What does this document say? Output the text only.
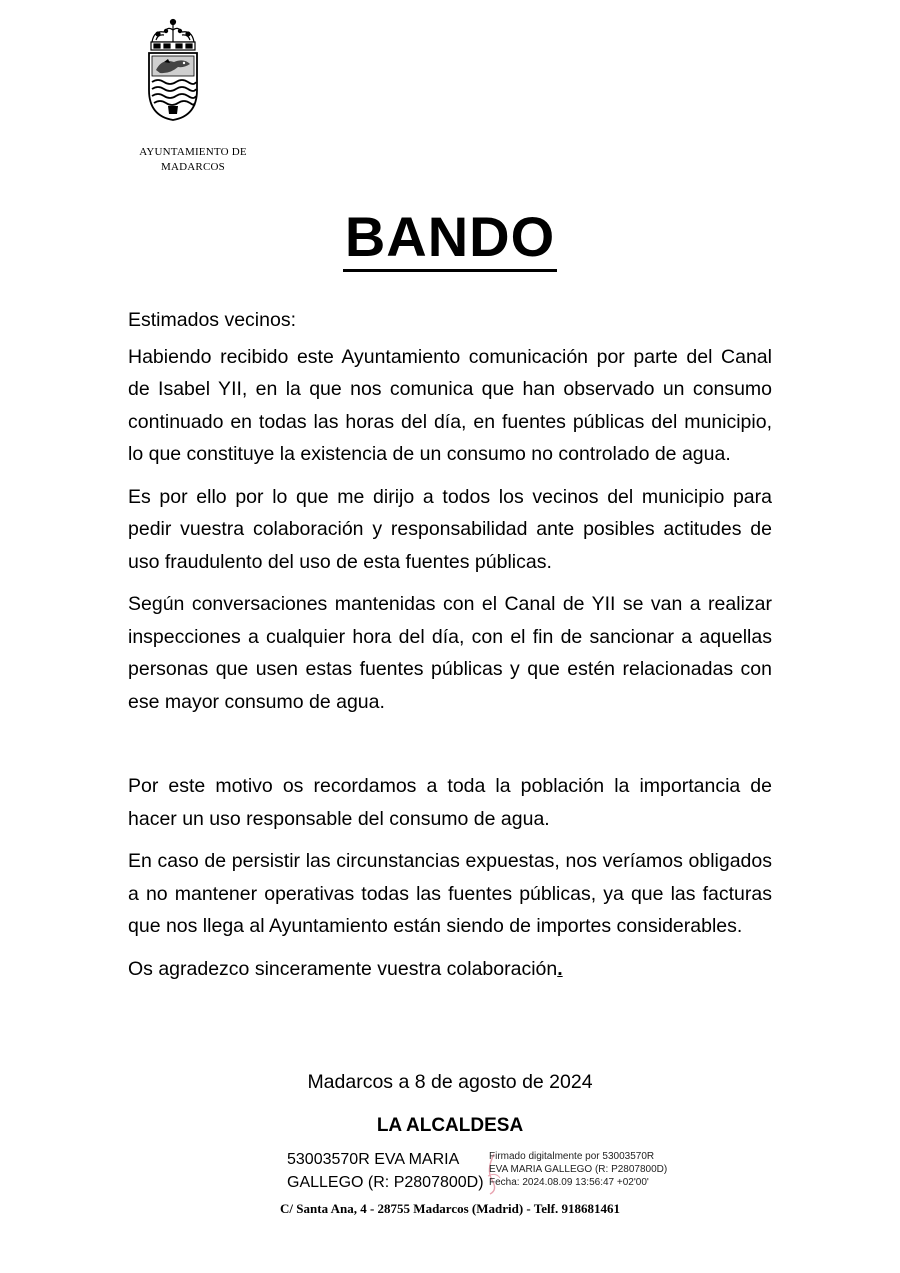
AYUNTAMIENTO DE
MADARCOS
BANDO

Estimados vecinos:

Habiendo recibido este Ayuntamiento comunicación por parte del Canal de Isabel YII, en la que nos comunica que han observado un consumo continuado en todas las horas del día, en fuentes públicas del municipio, lo que constituye la existencia de un consumo no controlado de agua.

Es por ello por lo que me dirijo a todos los vecinos del municipio para pedir vuestra colaboración y responsabilidad ante posibles actitudes de uso fraudulento del uso de esta fuentes públicas.

Según conversaciones mantenidas con el Canal de YII se van a realizar inspecciones a cualquier hora del día, con el fin de sancionar a aquellas personas que usen estas fuentes públicas y que estén relacionadas con ese mayor consumo de agua.

Por este motivo os recordamos a toda la población la importancia de hacer un uso responsable del consumo de agua.

En caso de persistir las circunstancias expuestas, nos veríamos obligados a no mantener operativas todas las fuentes públicas, ya que las facturas que nos llega al Ayuntamiento están siendo de importes considerables.

Os agradezco sinceramente vuestra colaboración.

Madarcos a 8 de agosto de 2024
LA ALCALDESA
53003570R EVA MARIA
GALLEGO (R: P2807800D)
Firmado digitalmente por 53003570R
EVA MARIA GALLEGO (R: P2807800D)
Fecha: 2024.08.09 13:56:47 +02'00'
C/ Santa Ana, 4 - 28755 Madarcos (Madrid) - Telf. 918681461
